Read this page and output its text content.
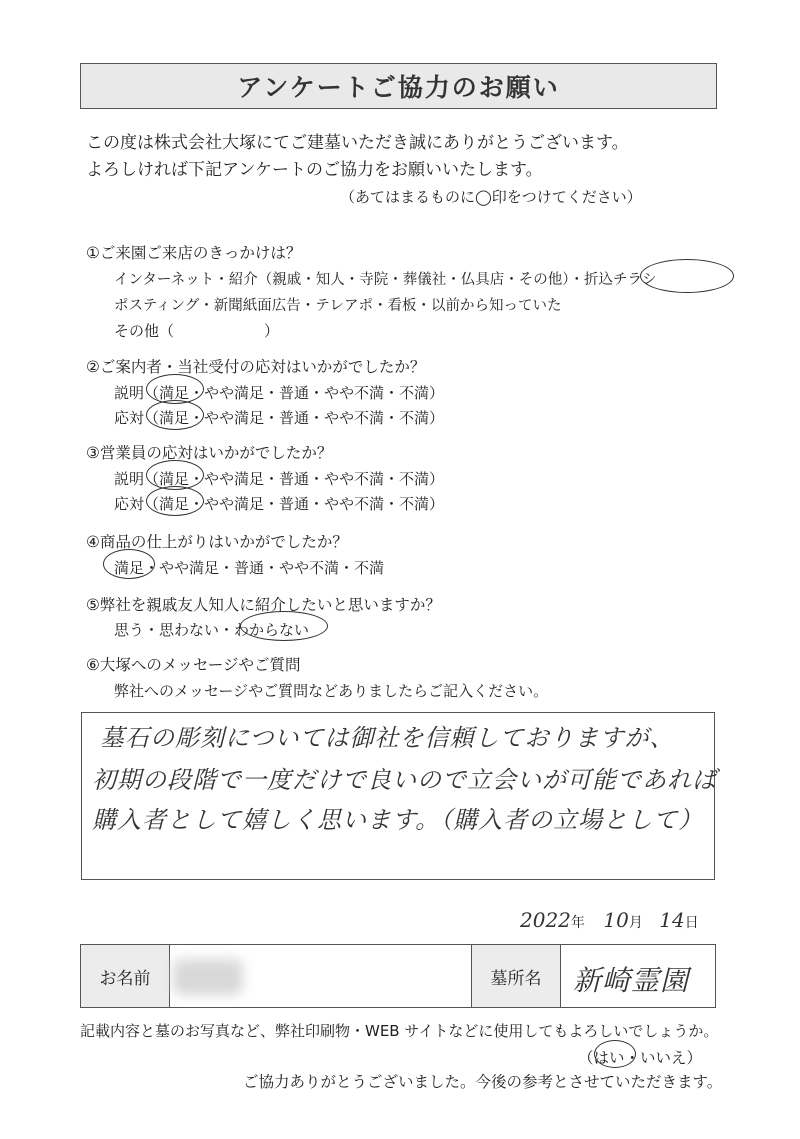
アンケートご協力のお願い
この度は株式会社大塚にてご建墓いただき誠にありがとうございます。
よろしければ下記アンケートのご協力をお願いいたします。
（あてはまるものに◯印をつけてください）
①ご来園ご来店のきっかけは？
インターネット・紹介（親戚・知人・寺院・葬儀社・仏具店・その他）・折込チラシ
ポスティング・新聞紙面広告・テレアポ・看板・以前から知っていた
その他（　　　　　　）
②ご案内者・当社受付の応対はいかがでしたか？
説明（満足・やや満足・普通・やや不満・不満）
応対（満足・やや満足・普通・やや不満・不満）
③営業員の応対はいかがでしたか？
説明（満足・やや満足・普通・やや不満・不満）
応対（満足・やや満足・普通・やや不満・不満）
④商品の仕上がりはいかがでしたか？
満足・やや満足・普通・やや不満・不満
⑤弊社を親戚友人知人に紹介したいと思いますか？
思う・思わない・わからない
⑥大塚へのメッセージやご質問
弊社へのメッセージやご質問などありましたらご記入ください。
墓石の彫刻については御社を信頼しておりますが、
初期の段階で一度だけで良いので立会いが可能であれば
購入者として嬉しく思います。（購入者の立場として）
2022年 10月 14日
お名前	墓所名	新崎霊園
記載内容と墓のお写真など、弊社印刷物・WEB サイトなどに使用してもよろしいでしょうか。
（はい・いいえ）
ご協力ありがとうございました。今後の参考とさせていただきます。
